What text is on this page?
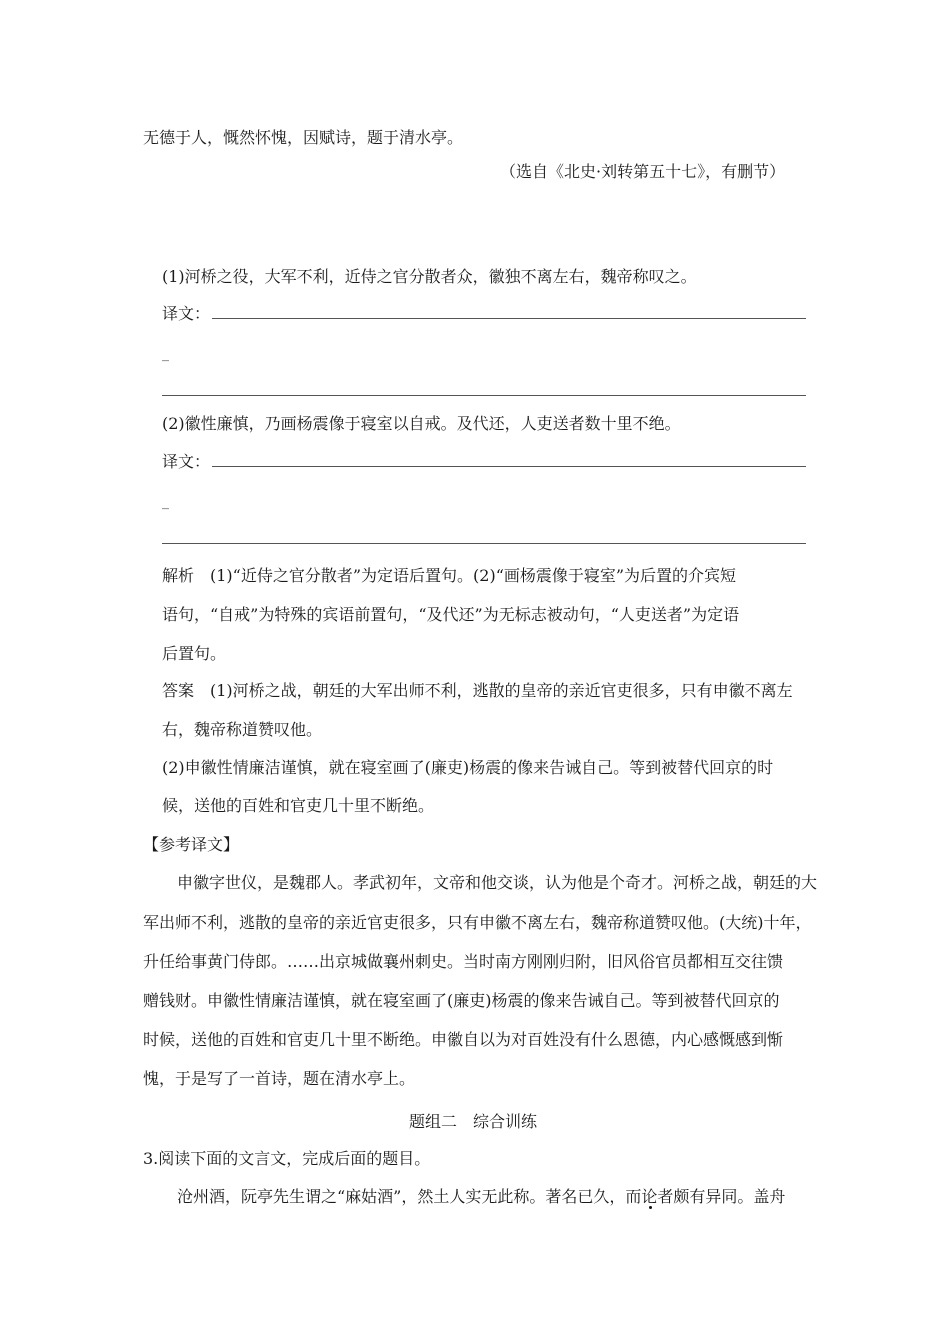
无德于人，慨然怀愧，因赋诗，题于清水亭。
（选自《北史·刘转第五十七》，有删节）
(1)河桥之役，大军不利，近侍之官分散者众，徽独不离左右，魏帝称叹之。
译文：
_
(2)徽性廉慎，乃画杨震像于寝室以自戒。及代还，人吏送者数十里不绝。
译文：
_
解析　(1)“近侍之官分散者”为定语后置句。(2)“画杨震像于寝室”为后置的介宾短
语句，“自戒”为特殊的宾语前置句，“及代还”为无标志被动句，“人吏送者”为定语
后置句。
答案　(1)河桥之战，朝廷的大军出师不利，逃散的皇帝的亲近官吏很多，只有申徽不离左
右，魏帝称道赞叹他。
(2)申徽性情廉洁谨慎，就在寝室画了(廉吏)杨震的像来告诫自己。等到被替代回京的时
候，送他的百姓和官吏几十里不断绝。
【参考译文】
申徽字世仪，是魏郡人。孝武初年，文帝和他交谈，认为他是个奇才。河桥之战，朝廷的大
军出师不利，逃散的皇帝的亲近官吏很多，只有申徽不离左右，魏帝称道赞叹他。(大统)十年，
升任给事黄门侍郎。……出京城做襄州刺史。当时南方刚刚归附，旧风俗官员都相互交往馈
赠钱财。申徽性情廉洁谨慎，就在寝室画了(廉吏)杨震的像来告诫自己。等到被替代回京的
时候，送他的百姓和官吏几十里不断绝。申徽自以为对百姓没有什么恩德，内心感慨感到惭
愧，于是写了一首诗，题在清水亭上。
题组二　综合训练
3.阅读下面的文言文，完成后面的题目。
沧州酒，阮亭先生谓之“麻姑酒”，然土人实无此称。著名已久，而论者颇有异同。盖舟
